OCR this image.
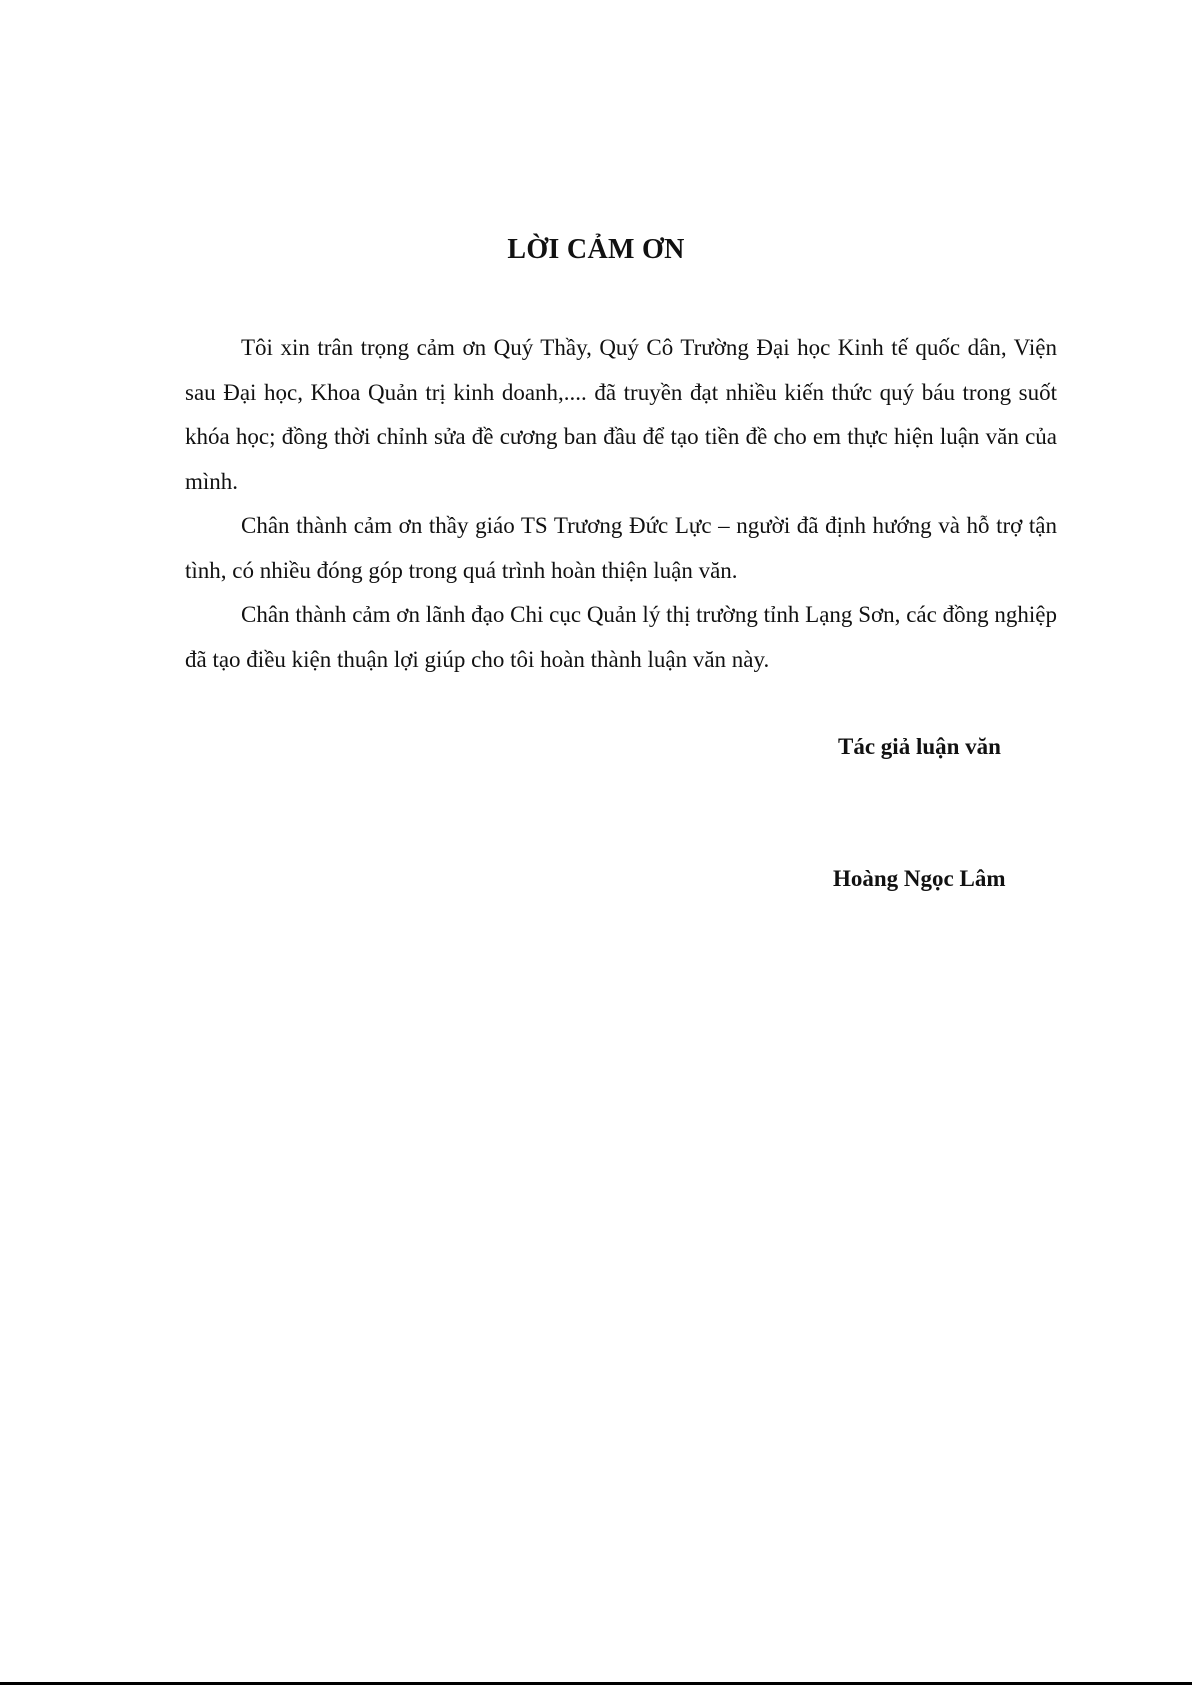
LỜI CẢM ƠN

Tôi xin trân trọng cảm ơn Quý Thầy, Quý Cô Trường Đại học Kinh tế quốc dân, Viện sau Đại học, Khoa Quản trị kinh doanh,.... đã truyền đạt nhiều kiến thức quý báu trong suốt khóa học; đồng thời chỉnh sửa đề cương ban đầu để tạo tiền đề cho em thực hiện luận văn của mình.

Chân thành cảm ơn thầy giáo TS Trương Đức Lực – người đã định hướng và hỗ trợ tận tình, có nhiều đóng góp trong quá trình hoàn thiện luận văn.

Chân thành cảm ơn lãnh đạo Chi cục Quản lý thị trường tỉnh Lạng Sơn, các đồng nghiệp đã tạo điều kiện thuận lợi giúp cho tôi hoàn thành luận văn này.

Tác giả luận văn
Hoàng Ngọc Lâm
